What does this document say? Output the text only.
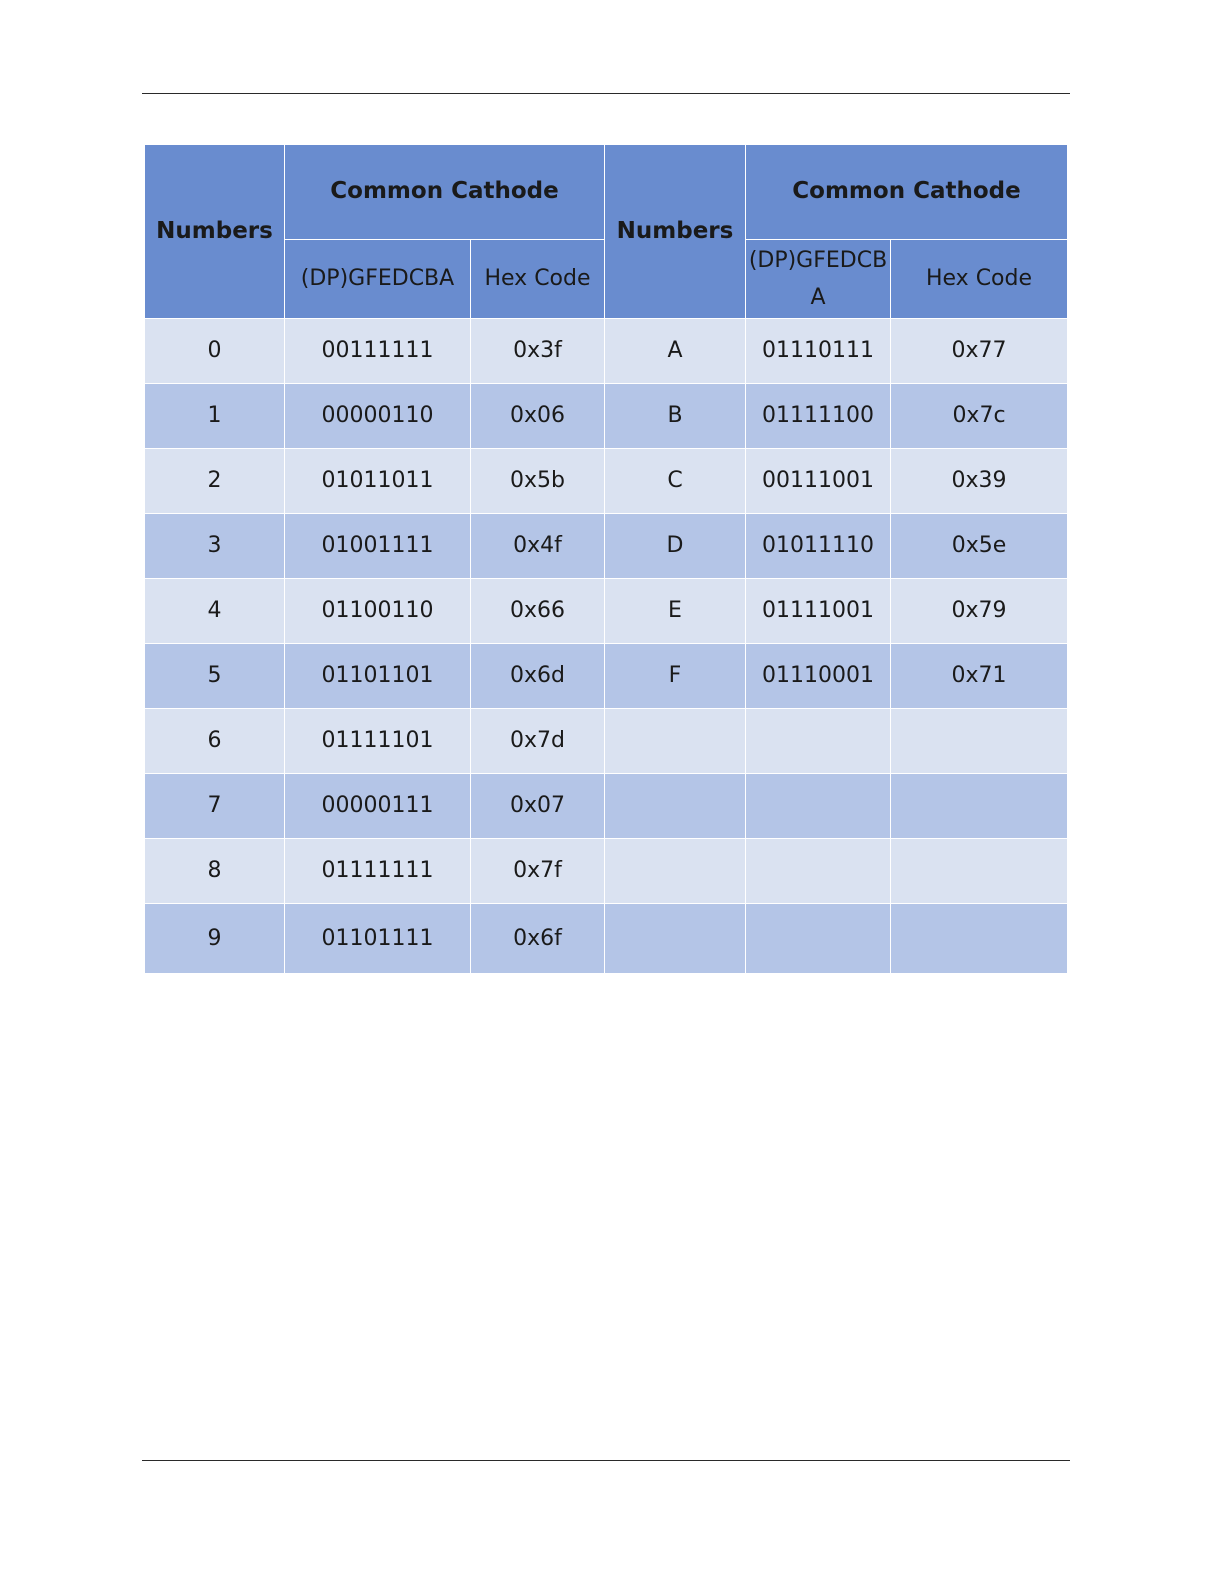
Numbers	Common Cathode		Numbers	Common Cathode	
	(DP)GFEDCBA	Hex Code		(DP)GFEDCB A	Hex Code
0	00111111	0x3f	A	01110111	0x77
1	00000110	0x06	B	01111100	0x7c
2	01011011	0x5b	C	00111001	0x39
3	01001111	0x4f	D	01011110	0x5e
4	01100110	0x66	E	01111001	0x79
5	01101101	0x6d	F	01110001	0x71
6	01111101	0x7d			
7	00000111	0x07			
8	01111111	0x7f			
9	01101111	0x6f			
